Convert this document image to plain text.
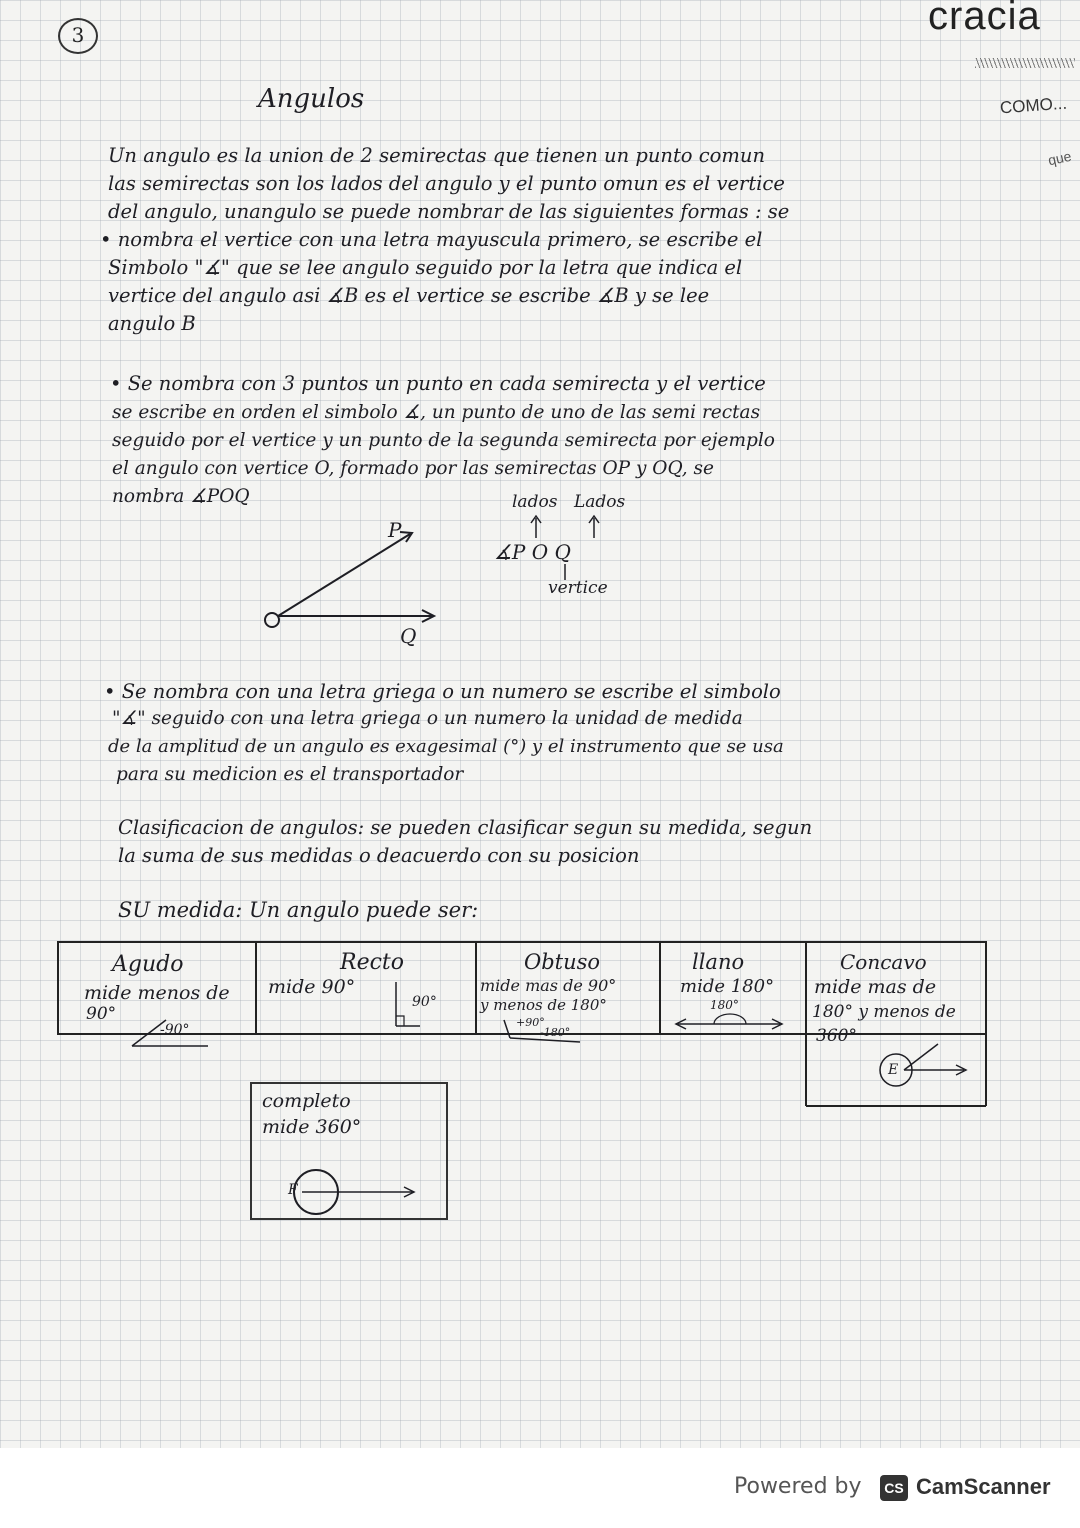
3	cracia
COMO...
que
Angulos
Un angulo es la union de 2 semirectas que tienen un punto comun
las semirectas son los lados del angulo y el punto omun es el vertice
del angulo, unangulo se puede nombrar de las siguientes formas : se
• nombra el vertice con una letra mayuscula primero, se escribe el
Simbolo "∡" que se lee angulo seguido por la letra que indica el
vertice del angulo asi ∡B es el vertice se escribe ∡B y se lee
angulo B
• Se nombra con 3 puntos un punto en cada semirecta y el vertice
se escribe en orden el simbolo ∡, un punto de uno de las semi rectas
seguido por el vertice y un punto de la segunda semirecta por ejemplo
el angulo con vertice O, formado por las semirectas OP y OQ, se
nombra ∡POQ
P
Q
lados Lados
∡P O Q
vertice
• Se nombra con una letra griega o un numero se escribe el simbolo
"∡" seguido con una letra griega o un numero la unidad de medida
de la amplitud de un angulo es exagesimal (°) y el instrumento que se usa
para su medicion es el transportador
Clasificacion de angulos: se pueden clasificar segun su medida, segun
la suma de sus medidas o deacuerdo con su posicion
SU medida: Un angulo puede ser:
Agudo
mide menos de
90°
-90°
Recto
mide 90°
90°
Obtuso
mide mas de 90°
y menos de 180°
+90°
-180°
llano
mide 180°
180°
Concavo
mide mas de
180° y menos de
360°
E
completo
mide 360°
F
Powered by	CS CamScanner
